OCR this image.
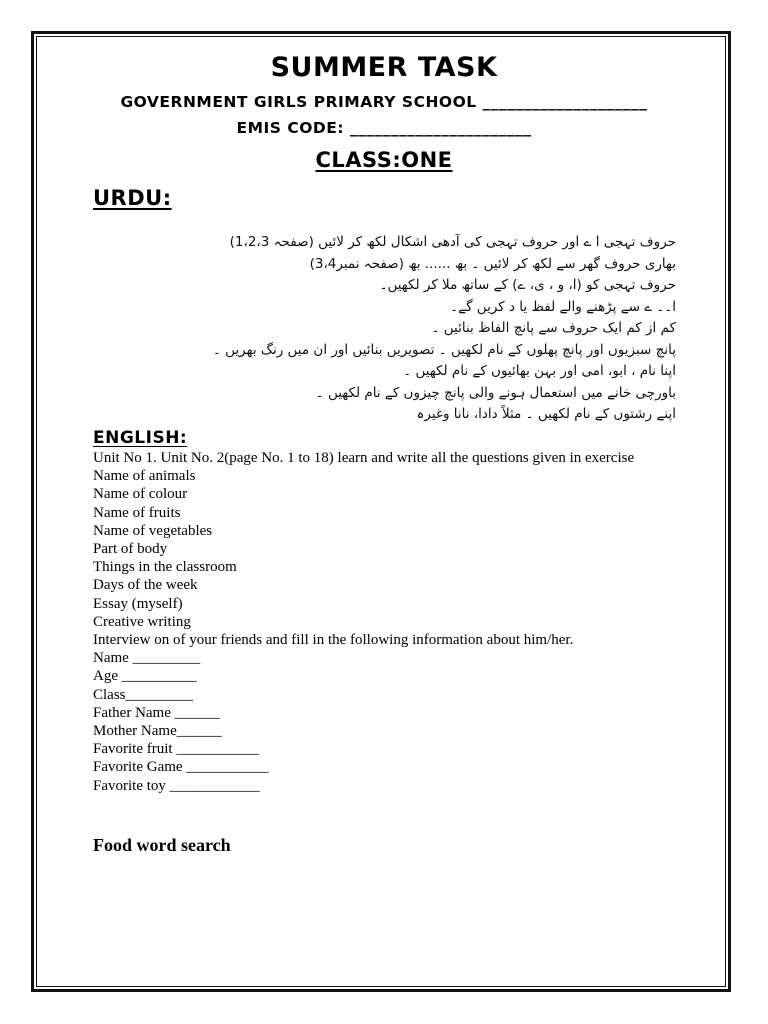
SUMMER TASK
GOVERNMENT GIRLS PRIMARY SCHOOL ____________________
EMIS CODE: ______________________
CLASS:ONE
URDU:
حروف تہجی ا ے اور حروف تہجی کی آدھی اشکال لکھ کر لائیں (صفحہ 1،2،3)
بھاری حروف گھر سے لکھ کر لائیں ۔ بھ ...... بھ (صفحہ نمبر3،4)
حروف تہجی کو (ا، و ، ی، ے) کے ساتھ ملا کر لکھیں۔
ا۔۔ ے سے پڑھنے والے لفظ یا د کریں گے۔
کم از کم ایک حروف سے پانچ الفاظ بنائیں ۔
پانچ سبزیوں اور پانچ پھلوں کے نام لکھیں ۔ تصویریں بنائیں اور ان میں رنگ بھریں ۔
اپنا نام ، ابو، امی اور بہن بھائیوں کے نام لکھیں ۔
باورچی خانے میں استعمال ہونے والی پانچ چیزوں کے نام لکھیں ۔
اپنے رشتوں کے نام لکھیں ۔ مثلاً دادا، نانا وغیرہ
ENGLISH:

Unit No 1. Unit No. 2(page No. 1 to 18) learn and write all the questions given in exercise

Name of animals

Name of colour

Name of fruits

Name of vegetables

Part of body

Things in the classroom

Days of the week

Essay (myself)

Creative writing

Interview on of your friends and fill in the following information about him/her.

Name _________

Age __________

Class_________

Father Name ______

Mother Name______

Favorite fruit ___________

Favorite Game ___________

Favorite toy ____________

Food word search
